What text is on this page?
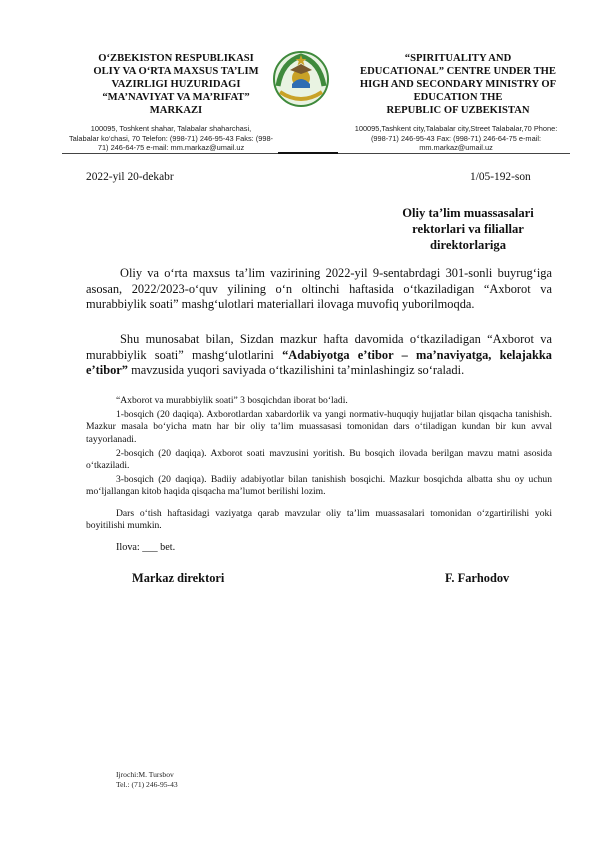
O‘ZBEKISTON RESPUBLIKASI
OLIY VA O‘RTA MAXSUS TA’LIM
VAZIRLIGI HUZURIDAGI
“MA’NAVIYAT VA MA’RIFAT”
MARKAZI
“SPIRITUALITY AND
EDUCATIONAL” CENTRE UNDER THE
HIGH AND SECONDARY MINISTRY OF
EDUCATION THE
REPUBLIC OF UZBEKISTAN
100095, Toshkent shahar, Talabalar shaharchasi,
Talabalar ko‘chasi, 70 Telefon: (998-71) 246-95-43 Faks: (998-
71) 246-64-75 e-mail: mm.markaz@umail.uz
100095,Tashkent city,Talabalar city,Street Talabalar,70 Phone:
(998-71) 246-95-43 Fax: (998-71) 246-64-75 e-mail:
mm.markaz@umail.uz
2022-yil 20-dekabr	1/05-192-son
Oliy ta’lim muassasalari
rektorlari va filiallar
direktorlariga
Oliy va o‘rta maxsus ta’lim vazirining 2022-yil 9-sentabrdagi 301-sonli buyrug‘iga asosan, 2022/2023-o‘quv yilining o‘n oltinchi haftasida o‘tkaziladigan “Axborot va murabbiylik soati” mashg‘ulotlari materiallari ilovaga muvofiq yuborilmoqda.
Shu munosabat bilan, Sizdan mazkur hafta davomida o‘tkaziladigan “Axborot va murabbiylik soati” mashg‘ulotlarini “Adabiyotga e’tibor – ma’naviyatga, kelajakka e’tibor” mavzusida yuqori saviyada o‘tkazilishini ta’minlashingiz so‘raladi.
“Axborot va murabbiylik soati” 3 bosqichdan iborat bo‘ladi.
1-bosqich (20 daqiqa). Axborotlardan xabardorlik va yangi normativ-huquqiy hujjatlar bilan qisqacha tanishish. Mazkur masala bo‘yicha matn har bir oliy ta’lim muassasasi tomonidan dars o‘tiladigan kundan bir kun avval tayyorlanadi.
2-bosqich (20 daqiqa). Axborot soati mavzusini yoritish. Bu bosqich ilovada berilgan mavzu matni asosida o‘tkaziladi.
3-bosqich (20 daqiqa). Badiiy adabiyotlar bilan tanishish bosqichi. Mazkur bosqichda albatta shu oy uchun mo‘ljallangan kitob haqida qisqacha ma’lumot berilishi lozim.
Dars o‘tish haftasidagi vaziyatga qarab mavzular oliy ta’lim muassasalari tomonidan o‘zgartirilishi yoki boyitilishi mumkin.
Ilova: ___ bet.
Markaz direktori	F. Farhodov
Ijrochi:M. Tursbov
Tel.: (71) 246-95-43
